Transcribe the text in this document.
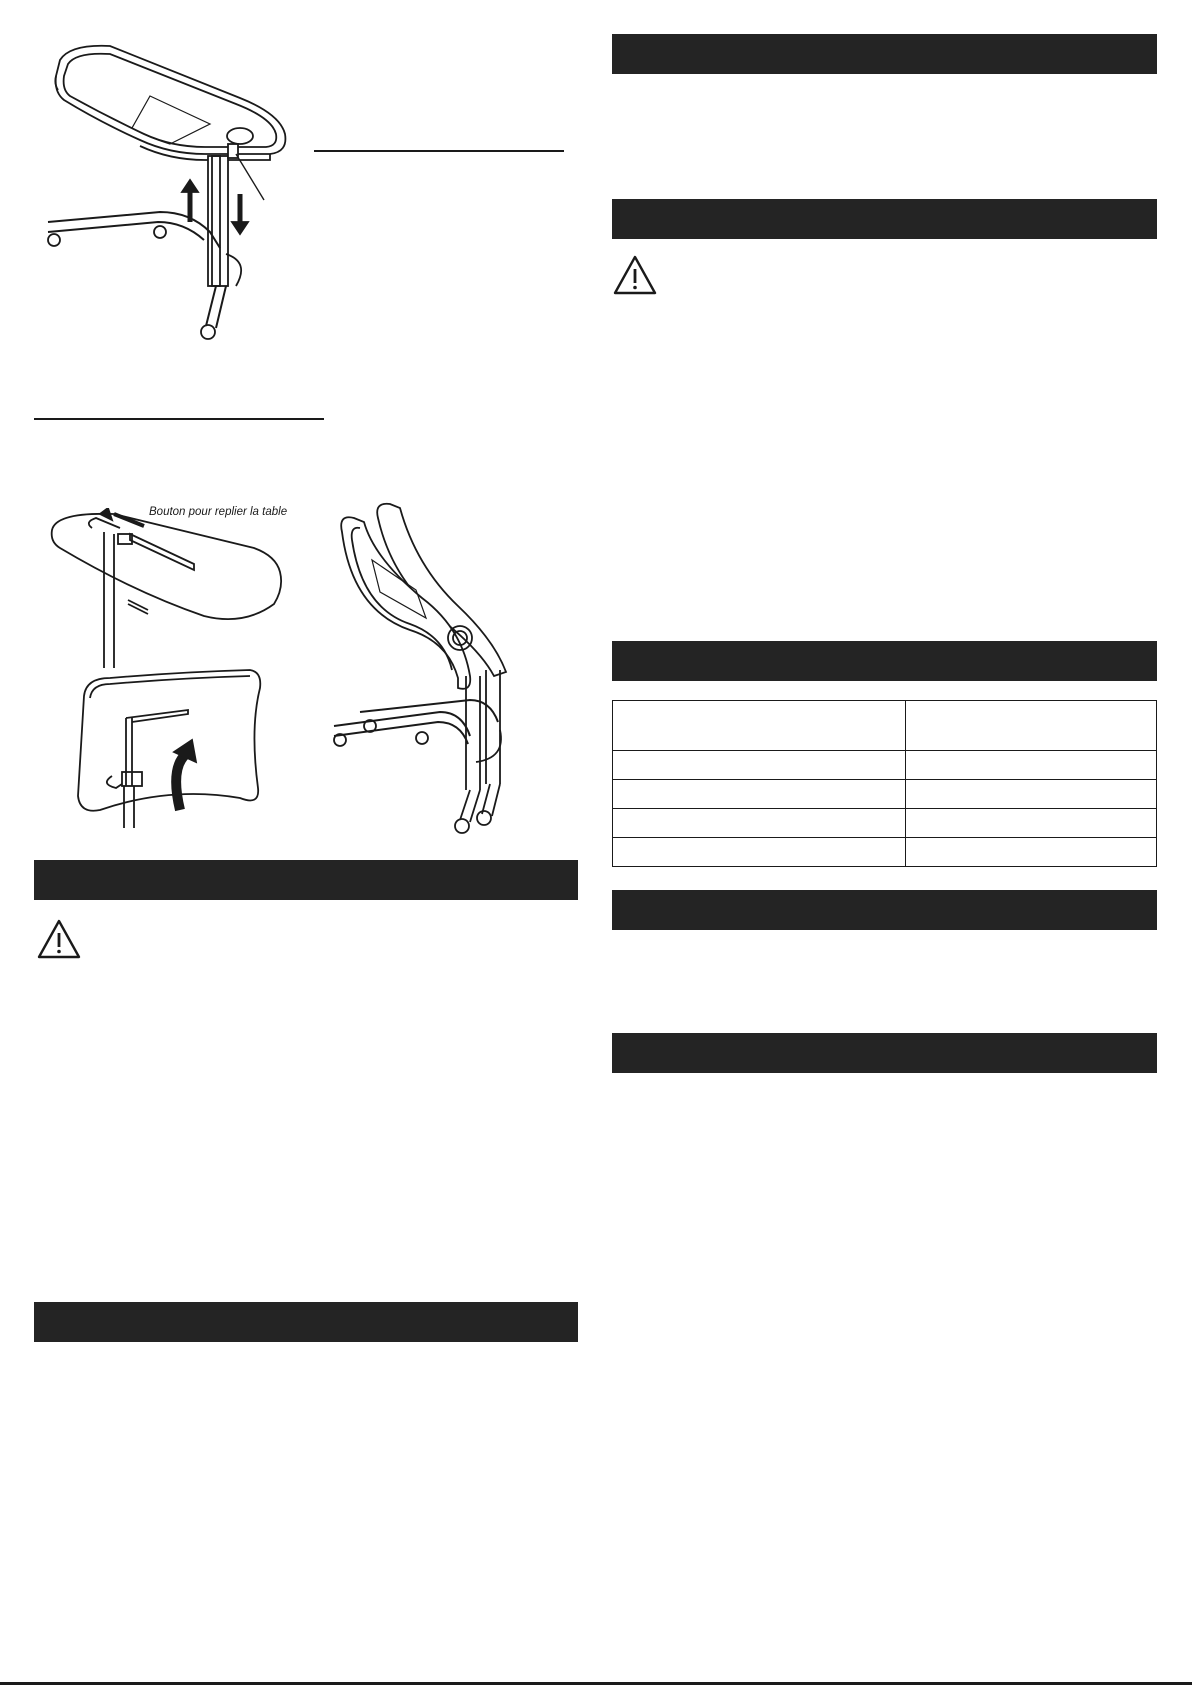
Bouton pour replier la table
